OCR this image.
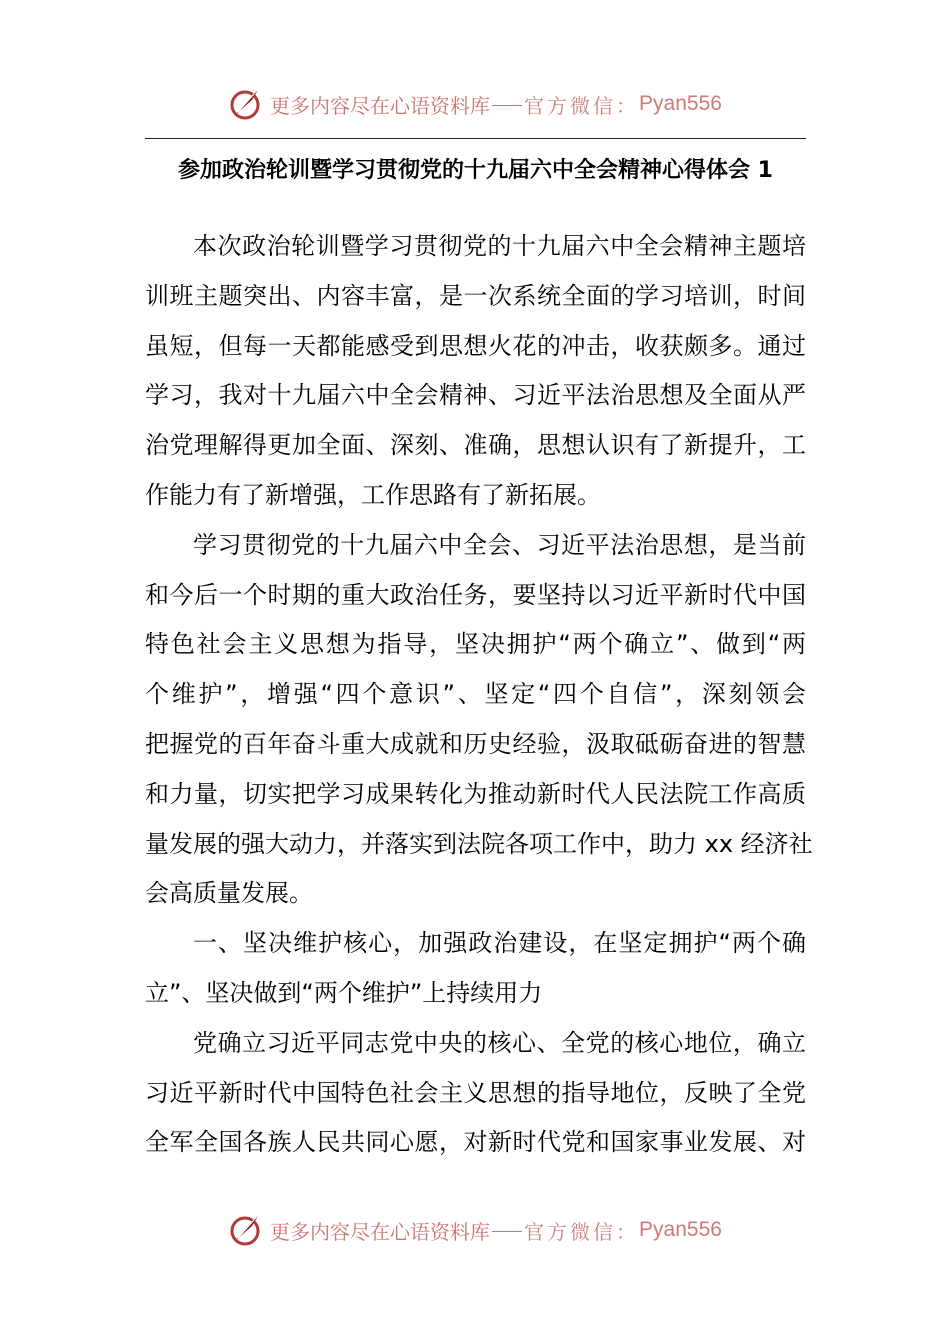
更多内容尽在心语资料库 官方微信： Pyan556
参加政治轮训暨学习贯彻党的十九届六中全会精神心得体会 1
本次政治轮训暨学习贯彻党的十九届六中全会精神主题培
训班主题突出、内容丰富，是一次系统全面的学习培训，时间
虽短，但每一天都能感受到思想火花的冲击，收获颇多。通过
学习，我对十九届六中全会精神、习近平法治思想及全面从严
治党理解得更加全面、深刻、准确，思想认识有了新提升，工
作能力有了新增强，工作思路有了新拓展。
学习贯彻党的十九届六中全会、习近平法治思想，是当前
和今后一个时期的重大政治任务，要坚持以习近平新时代中国
特色社会主义思想为指导，坚决拥护“两个确立”、做到“两
个维护”，增强“四个意识”、坚定“四个自信”，深刻领会
把握党的百年奋斗重大成就和历史经验，汲取砥砺奋进的智慧
和力量，切实把学习成果转化为推动新时代人民法院工作高质
量发展的强大动力，并落实到法院各项工作中，助力 xx 经济社
会高质量发展。
一、坚决维护核心，加强政治建设，在坚定拥护“两个确
立”、坚决做到“两个维护”上持续用力
党确立习近平同志党中央的核心、全党的核心地位，确立
习近平新时代中国特色社会主义思想的指导地位，反映了全党
全军全国各族人民共同心愿，对新时代党和国家事业发展、对
更多内容尽在心语资料库 官方微信： Pyan556
